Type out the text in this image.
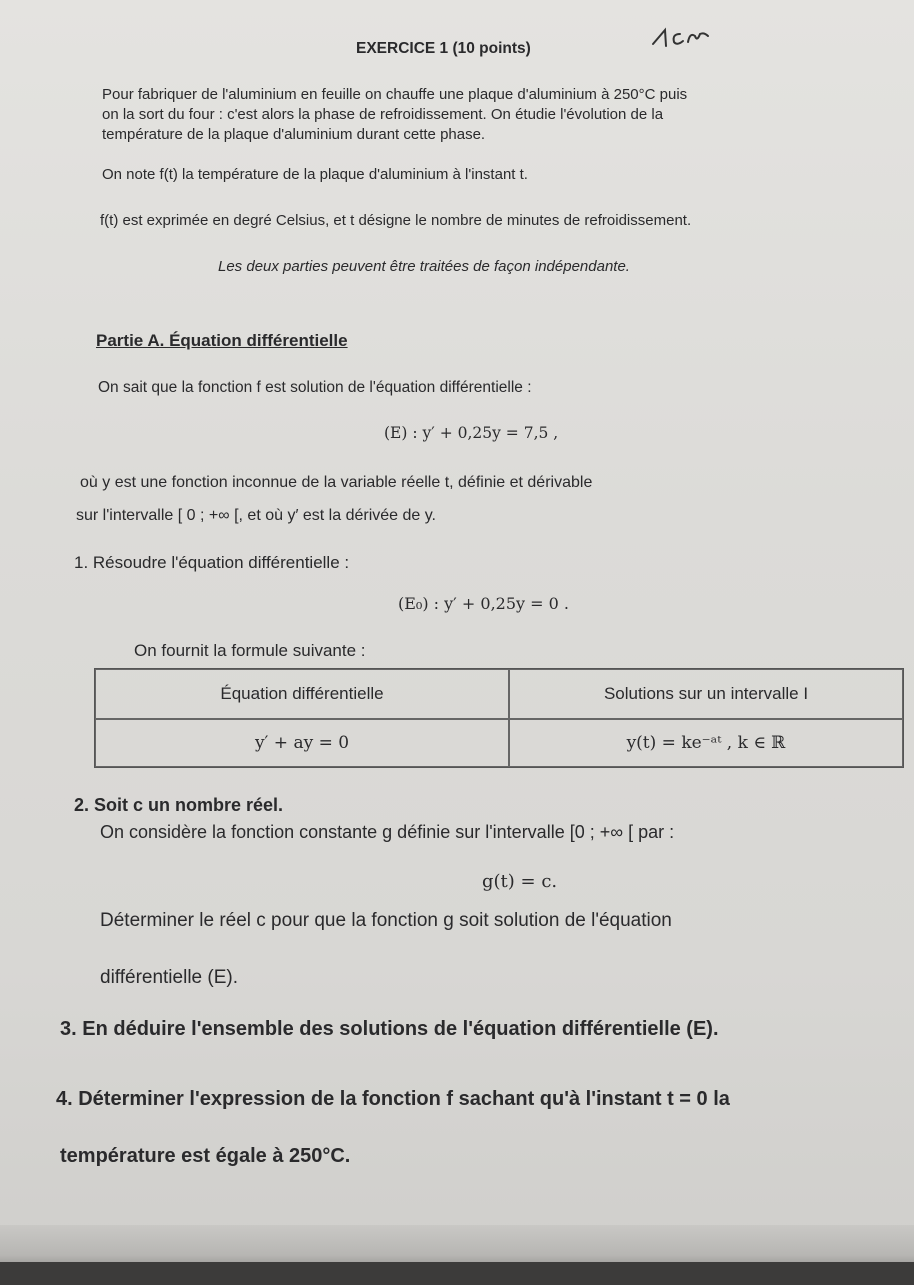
EXERCICE 1 (10 points)
Pour fabriquer de l'aluminium en feuille on chauffe une plaque d'aluminium à 250°C puis
on la sort du four : c'est alors la phase de refroidissement. On étudie l'évolution de la
température de la plaque d'aluminium durant cette phase.
On note f(t) la température de la plaque d'aluminium à l'instant t.
f(t) est exprimée en degré Celsius, et t désigne le nombre de minutes de refroidissement.
Les deux parties peuvent être traitées de façon indépendante.
Partie A. Équation différentielle
On sait que la fonction f est solution de l'équation différentielle :
(E) : y′ + 0,25y = 7,5 ,
où y est une fonction inconnue de la variable réelle t, définie et dérivable
sur l'intervalle [ 0 ; +∞ [, et où y′ est la dérivée de y.
1. Résoudre l'équation différentielle :
(E₀) : y′ + 0,25y = 0 .
On fournit la formule suivante :
Équation différentielle	Solutions sur un intervalle I
y′ + ay = 0	y(t) = ke⁻ᵃᵗ , k ∈ ℝ
2. Soit c un nombre réel.
On considère la fonction constante g définie sur l'intervalle [0 ; +∞ [ par :
g(t) = c.
Déterminer le réel c pour que la fonction g soit solution de l'équation
différentielle (E).
3. En déduire l'ensemble des solutions de l'équation différentielle (E).
4. Déterminer l'expression de la fonction f sachant qu'à l'instant t = 0 la
température est égale à 250°C.
